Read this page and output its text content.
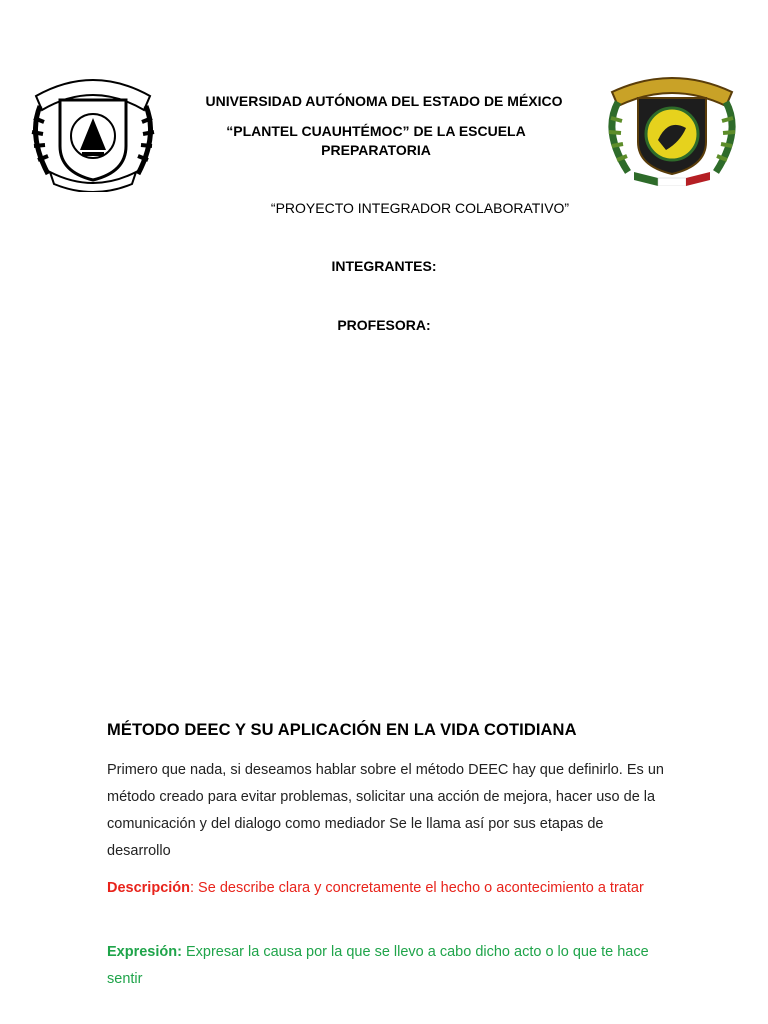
UNIVERSIDAD AUTÓNOMA DEL ESTADO DE MÉXICO
“PLANTEL CUAUHTÉMOC” DE LA ESCUELA PREPARATORIA
“PROYECTO INTEGRADOR COLABORATIVO”
INTEGRANTES:
PROFESORA:
MÉTODO DEEC Y SU APLICACIÓN EN LA VIDA COTIDIANA
Primero que nada, si deseamos hablar sobre el método DEEC hay que definirlo. Es un método creado para evitar problemas, solicitar una acción de mejora, hacer uso de la comunicación y del dialogo como mediador Se le llama así por sus etapas de desarrollo
Descripción: Se describe clara y concretamente el hecho o acontecimiento a tratar
Expresión: Expresar la causa por la que se llevo a cabo dicho acto o lo que te hace sentir
